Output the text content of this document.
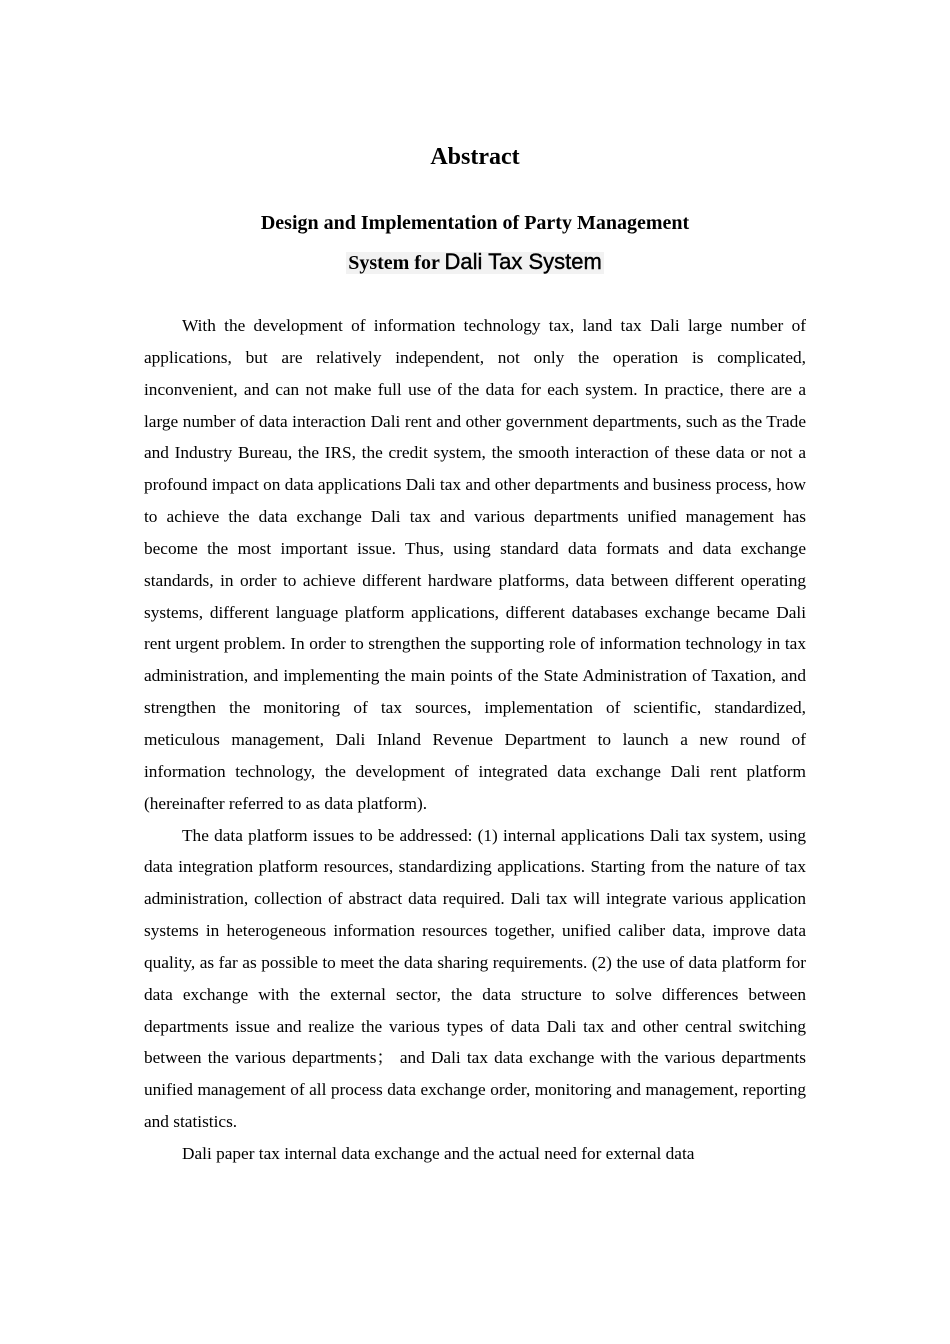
Abstract
Design and Implementation of Party Management
System for Dali Tax System

With the development of information technology tax, land tax Dali large number of applications, but are relatively independent, not only the operation is complicated, inconvenient, and can not make full use of the data for each system. In practice, there are a large number of data interaction Dali rent and other government departments, such as the Trade and Industry Bureau, the IRS, the credit system, the smooth interaction of these data or not a profound impact on data applications Dali tax and other departments and business process, how to achieve the data exchange Dali tax and various departments unified management has become the most important issue. Thus, using standard data formats and data exchange standards, in order to achieve different hardware platforms, data between different operating systems, different language platform applications, different databases exchange became Dali rent urgent problem. In order to strengthen the supporting role of information technology in tax administration, and implementing the main points of the State Administration of Taxation, and strengthen the monitoring of tax sources, implementation of scientific, standardized, meticulous management, Dali Inland Revenue Department to launch a new round of information technology, the development of integrated data exchange Dali rent platform (hereinafter referred to as data platform).

The data platform issues to be addressed: (1) internal applications Dali tax system, using data integration platform resources, standardizing applications. Starting from the nature of tax administration, collection of abstract data required. Dali tax will integrate various application systems in heterogeneous information resources together, unified caliber data, improve data quality, as far as possible to meet the data sharing requirements. (2) the use of data platform for data exchange with the external sector, the data structure to solve differences between departments issue and realize the various types of data Dali tax and other central switching between the various departments； and Dali tax data exchange with the various departments unified management of all process data exchange order, monitoring and management, reporting and statistics.

Dali paper tax internal data exchange and the actual need for external data
